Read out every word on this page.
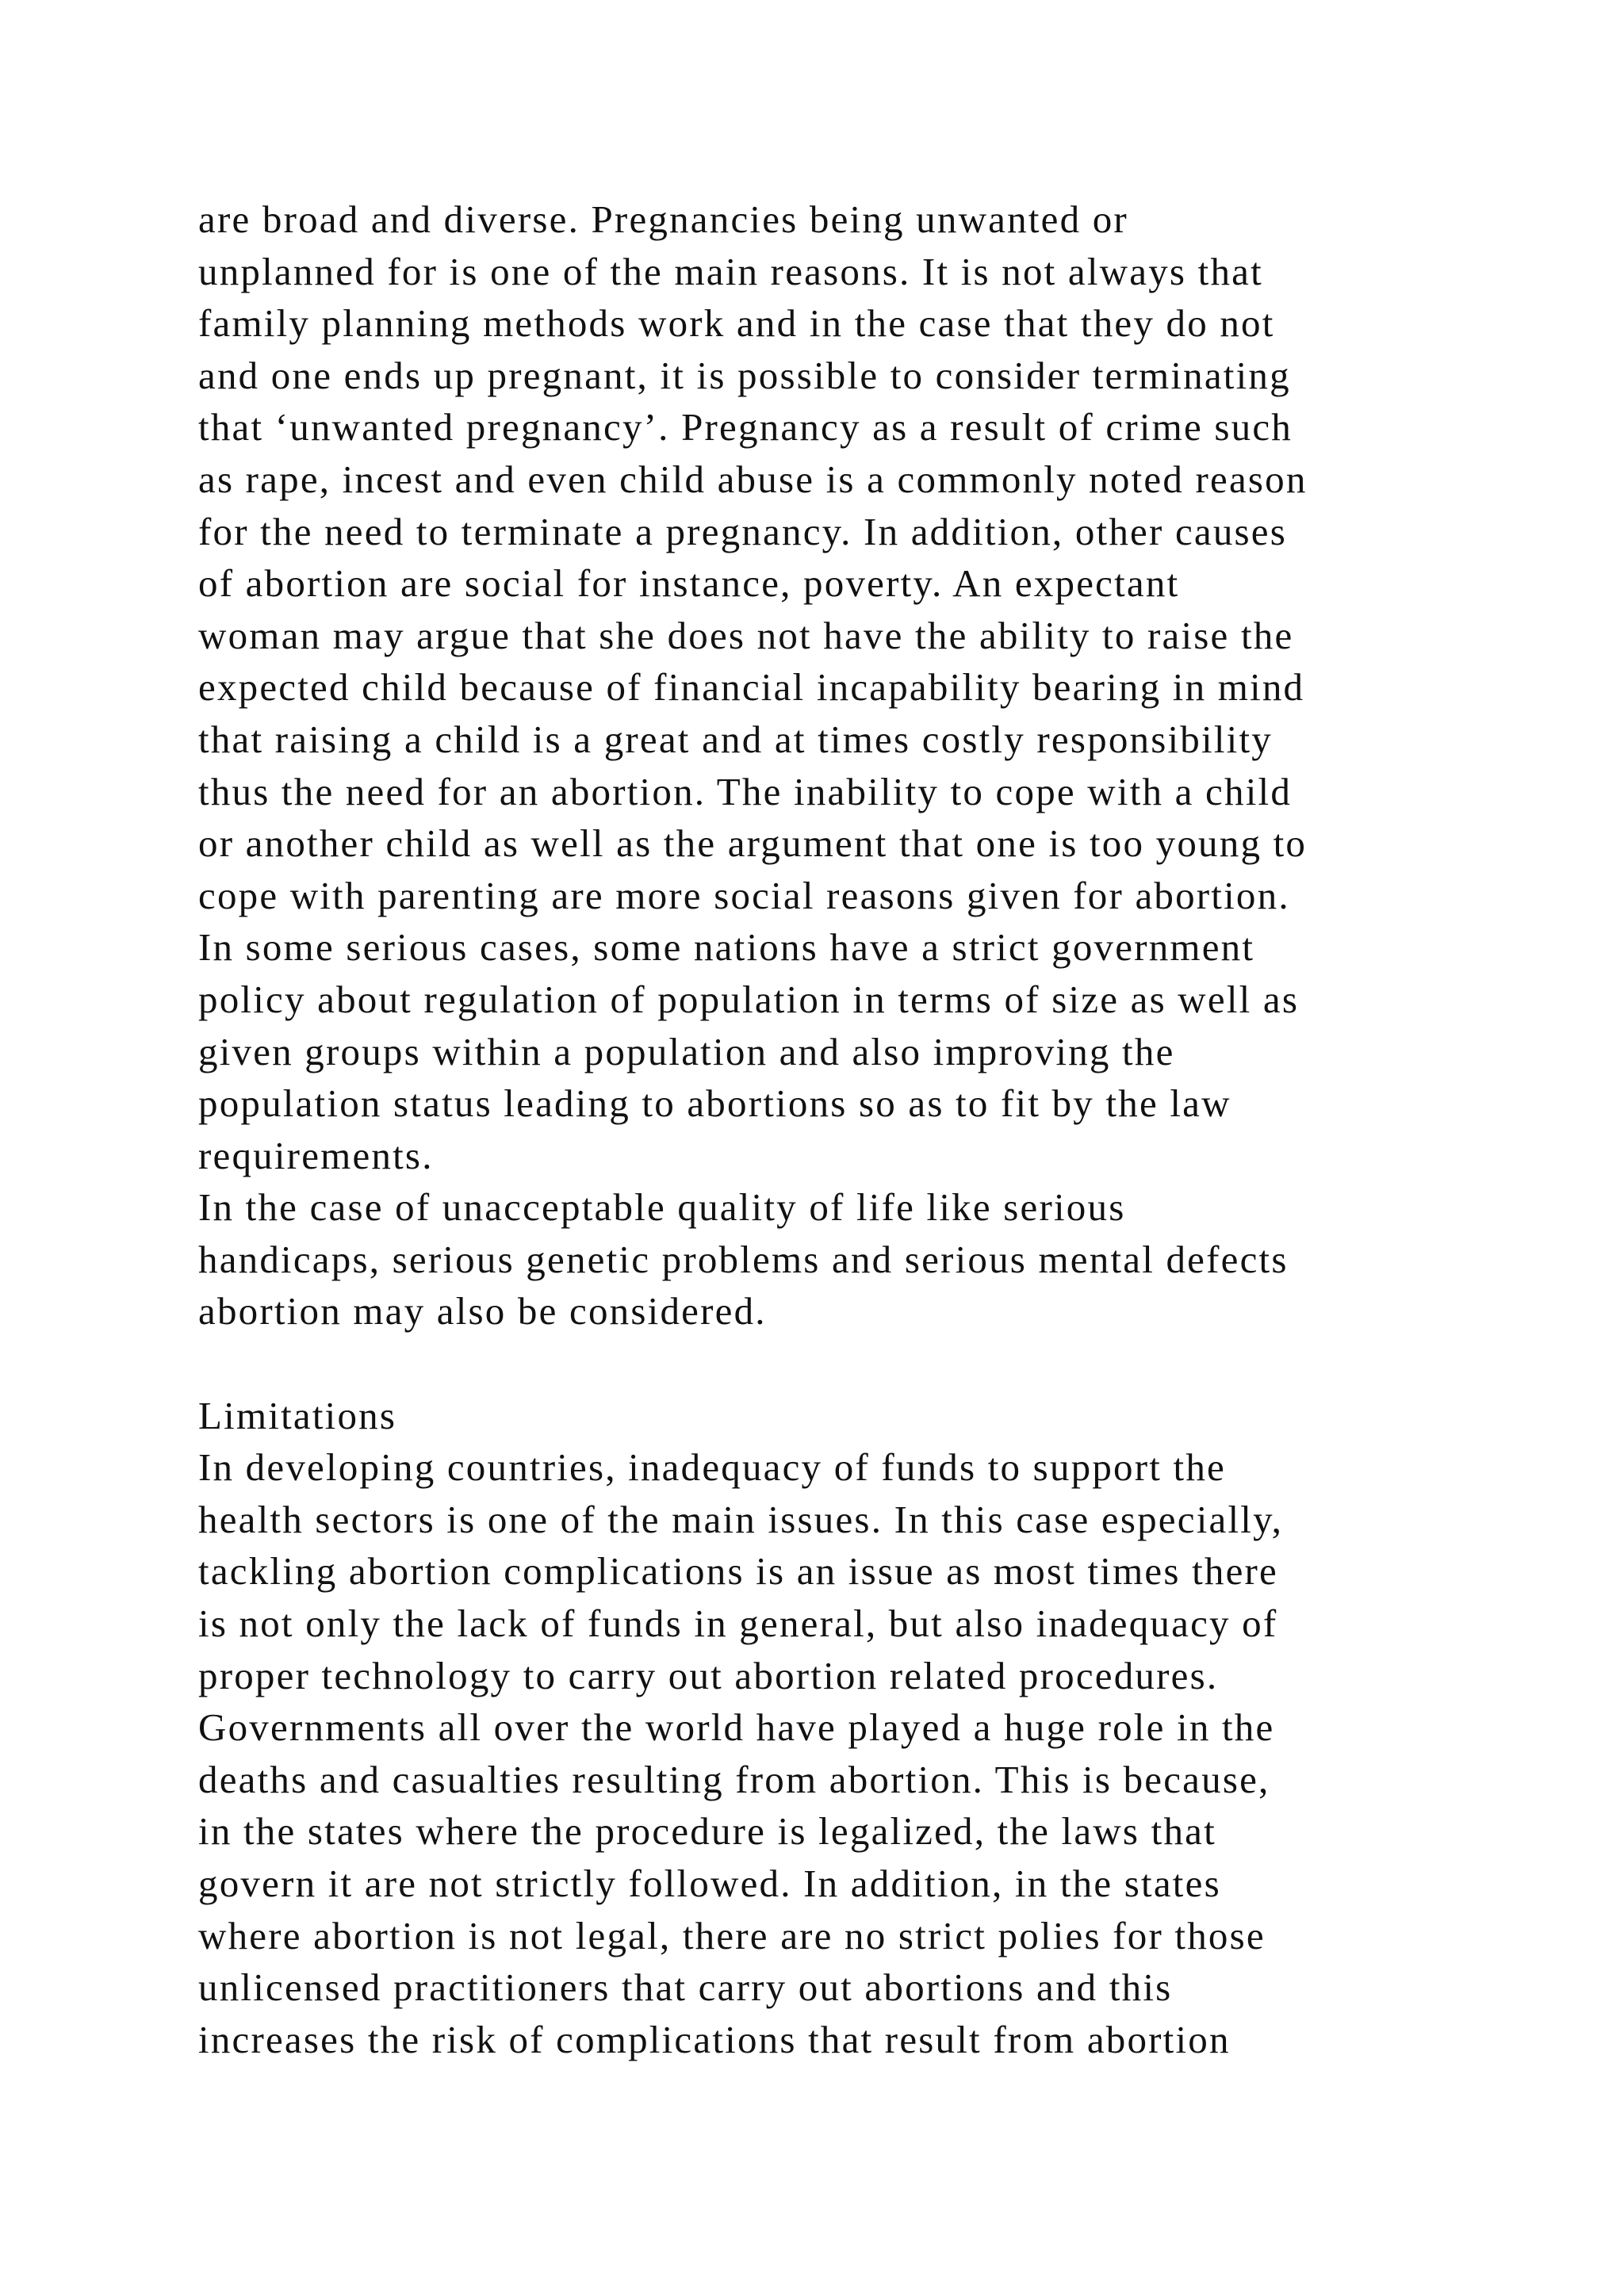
are broad and diverse. Pregnancies being unwanted or
unplanned for is one of the main reasons. It is not always that
family planning methods work and in the case that they do not
and one ends up pregnant, it is possible to consider terminating
that ‘unwanted pregnancy’. Pregnancy as a result of crime such
as rape, incest and even child abuse is a commonly noted reason
for the need to terminate a pregnancy. In addition, other causes
of abortion are social for instance, poverty. An expectant
woman may argue that she does not have the ability to raise the
expected child because of financial incapability bearing in mind
that raising a child is a great and at times costly responsibility
thus the need for an abortion. The inability to cope with a child
or another child as well as the argument that one is too young to
cope with parenting are more social reasons given for abortion.
In some serious cases, some nations have a strict government
policy about regulation of population in terms of size as well as
given groups within a population and also improving the
population status leading to abortions so as to fit by the law
requirements.
In the case of unacceptable quality of life like serious
handicaps, serious genetic problems and serious mental defects
abortion may also be considered.
Limitations
In developing countries, inadequacy of funds to support the
health sectors is one of the main issues. In this case especially,
tackling abortion complications is an issue as most times there
is not only the lack of funds in general, but also inadequacy of
proper technology to carry out abortion related procedures.
Governments all over the world have played a huge role in the
deaths and casualties resulting from abortion. This is because,
in the states where the procedure is legalized, the laws that
govern it are not strictly followed. In addition, in the states
where abortion is not legal, there are no strict polies for those
unlicensed practitioners that carry out abortions and this
increases the risk of complications that result from abortion
